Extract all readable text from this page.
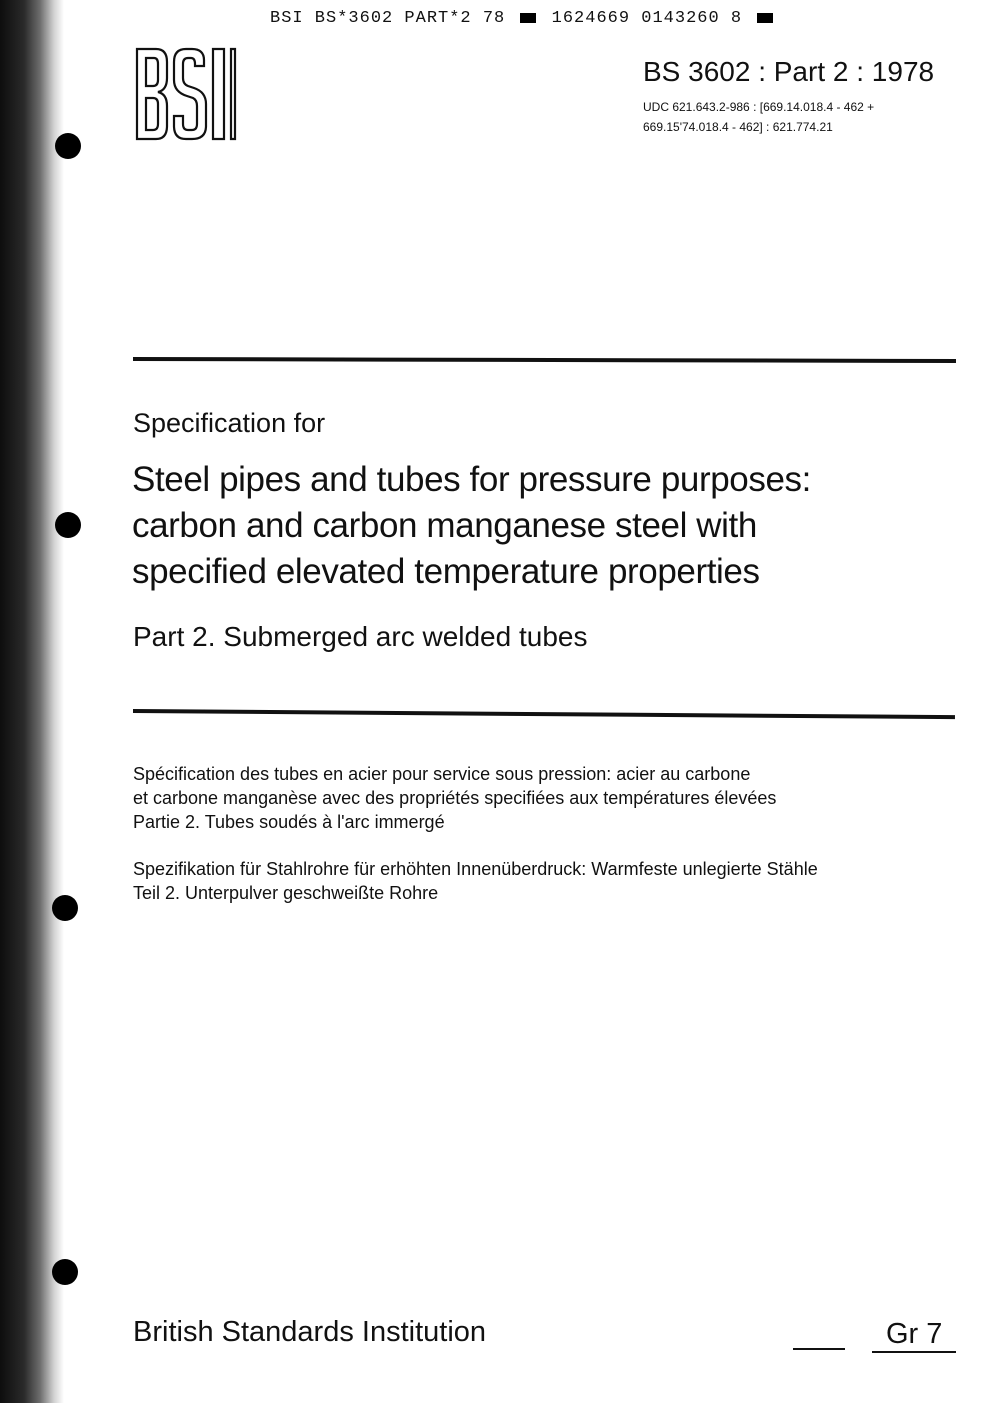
BSI BS*3602 PART*2 78	1624669 0143260 8
BS 3602 : Part 2 : 1978
UDC 621.643.2-986 : [669.14.018.4 - 462 +
669.15'74.018.4 - 462] : 621.774.21
Specification for
Steel pipes and tubes for pressure purposes:
carbon and carbon manganese steel with
specified elevated temperature properties
Part 2. Submerged arc welded tubes
Spécification des tubes en acier pour service sous pression: acier au carbone
et carbone manganèse avec des propriétés specifiées aux températures élevées
Partie 2. Tubes soudés à l'arc immergé
Spezifikation für Stahlrohre für erhöhten Innenüberdruck: Warmfeste unlegierte Stähle
Teil 2. Unterpulver geschweißte Rohre
British Standards Institution	Gr 7
